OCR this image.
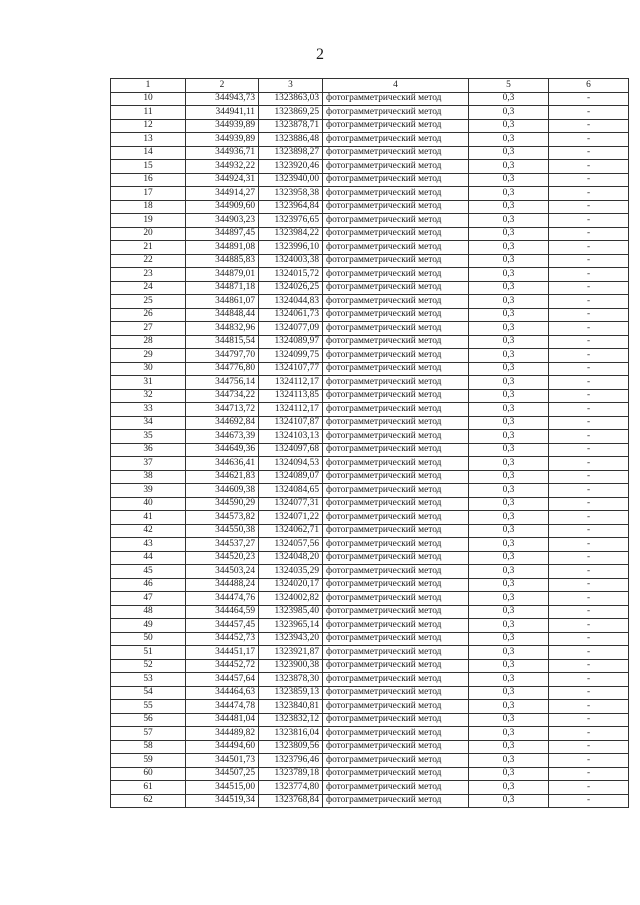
2
1	2	3	4	5	6
10	344943,73	1323863,03	фотограмметрический метод	0,3	-
11	344941,11	1323869,25	фотограмметрический метод	0,3	-
12	344939,89	1323878,71	фотограмметрический метод	0,3	-
13	344939,89	1323886,48	фотограмметрический метод	0,3	-
14	344936,71	1323898,27	фотограмметрический метод	0,3	-
15	344932,22	1323920,46	фотограмметрический метод	0,3	-
16	344924,31	1323940,00	фотограмметрический метод	0,3	-
17	344914,27	1323958,38	фотограмметрический метод	0,3	-
18	344909,60	1323964,84	фотограмметрический метод	0,3	-
19	344903,23	1323976,65	фотограмметрический метод	0,3	-
20	344897,45	1323984,22	фотограмметрический метод	0,3	-
21	344891,08	1323996,10	фотограмметрический метод	0,3	-
22	344885,83	1324003,38	фотограмметрический метод	0,3	-
23	344879,01	1324015,72	фотограмметрический метод	0,3	-
24	344871,18	1324026,25	фотограмметрический метод	0,3	-
25	344861,07	1324044,83	фотограмметрический метод	0,3	-
26	344848,44	1324061,73	фотограмметрический метод	0,3	-
27	344832,96	1324077,09	фотограмметрический метод	0,3	-
28	344815,54	1324089,97	фотограмметрический метод	0,3	-
29	344797,70	1324099,75	фотограмметрический метод	0,3	-
30	344776,80	1324107,77	фотограмметрический метод	0,3	-
31	344756,14	1324112,17	фотограмметрический метод	0,3	-
32	344734,22	1324113,85	фотограмметрический метод	0,3	-
33	344713,72	1324112,17	фотограмметрический метод	0,3	-
34	344692,84	1324107,87	фотограмметрический метод	0,3	-
35	344673,39	1324103,13	фотограмметрический метод	0,3	-
36	344649,36	1324097,68	фотограмметрический метод	0,3	-
37	344636,41	1324094,53	фотограмметрический метод	0,3	-
38	344621,83	1324089,07	фотограмметрический метод	0,3	-
39	344609,38	1324084,65	фотограмметрический метод	0,3	-
40	344590,29	1324077,31	фотограмметрический метод	0,3	-
41	344573,82	1324071,22	фотограмметрический метод	0,3	-
42	344550,38	1324062,71	фотограмметрический метод	0,3	-
43	344537,27	1324057,56	фотограмметрический метод	0,3	-
44	344520,23	1324048,20	фотограмметрический метод	0,3	-
45	344503,24	1324035,29	фотограмметрический метод	0,3	-
46	344488,24	1324020,17	фотограмметрический метод	0,3	-
47	344474,76	1324002,82	фотограмметрический метод	0,3	-
48	344464,59	1323985,40	фотограмметрический метод	0,3	-
49	344457,45	1323965,14	фотограмметрический метод	0,3	-
50	344452,73	1323943,20	фотограмметрический метод	0,3	-
51	344451,17	1323921,87	фотограмметрический метод	0,3	-
52	344452,72	1323900,38	фотограмметрический метод	0,3	-
53	344457,64	1323878,30	фотограмметрический метод	0,3	-
54	344464,63	1323859,13	фотограмметрический метод	0,3	-
55	344474,78	1323840,81	фотограмметрический метод	0,3	-
56	344481,04	1323832,12	фотограмметрический метод	0,3	-
57	344489,82	1323816,04	фотограмметрический метод	0,3	-
58	344494,60	1323809,56	фотограмметрический метод	0,3	-
59	344501,73	1323796,46	фотограмметрический метод	0,3	-
60	344507,25	1323789,18	фотограмметрический метод	0,3	-
61	344515,00	1323774,80	фотограмметрический метод	0,3	-
62	344519,34	1323768,84	фотограмметрический метод	0,3	-
